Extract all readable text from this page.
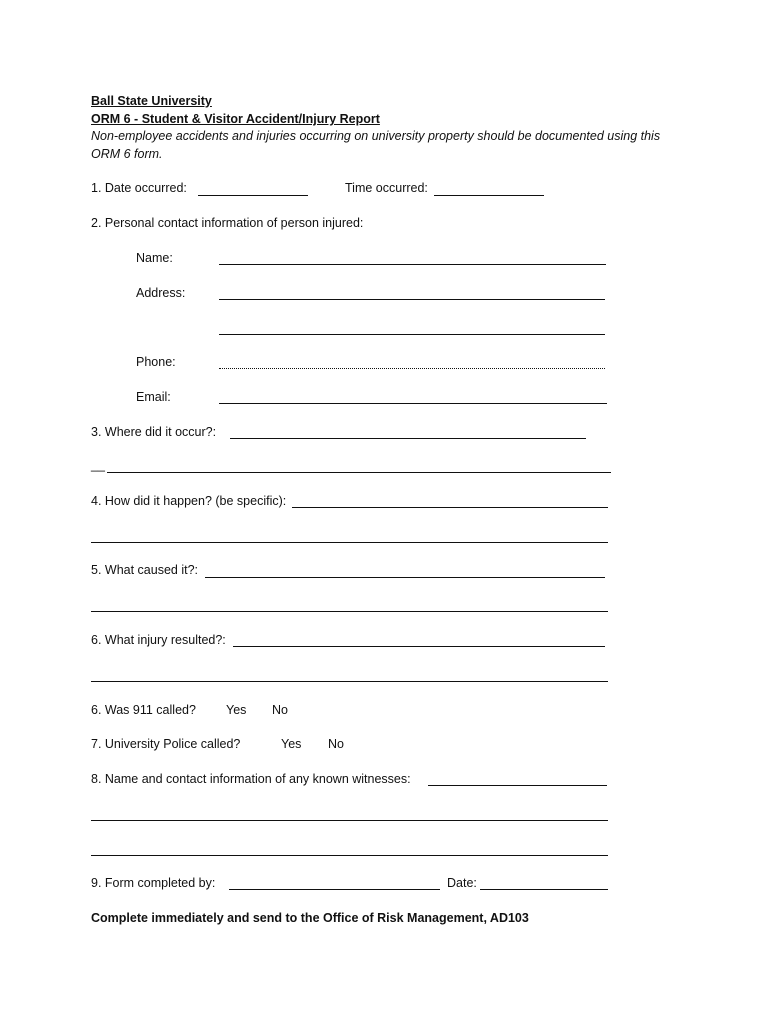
Ball State University
ORM 6 - Student & Visitor Accident/Injury Report
Non-employee accidents and injuries occurring on university property should be documented using this
ORM 6 form.
1. Date occurred:	Time occurred:
2. Personal contact information of person injured:
Name:
Address:
Phone:
Email:
3. Where did it occur?:
__
4. How did it happen? (be specific):
5. What caused it?:
6. What injury resulted?:
6. Was 911 called? Yes No
7. University Police called?	Yes No
8. Name and contact information of any known witnesses:
9. Form completed by:	Date:
Complete immediately and send to the Office of Risk Management, AD103
